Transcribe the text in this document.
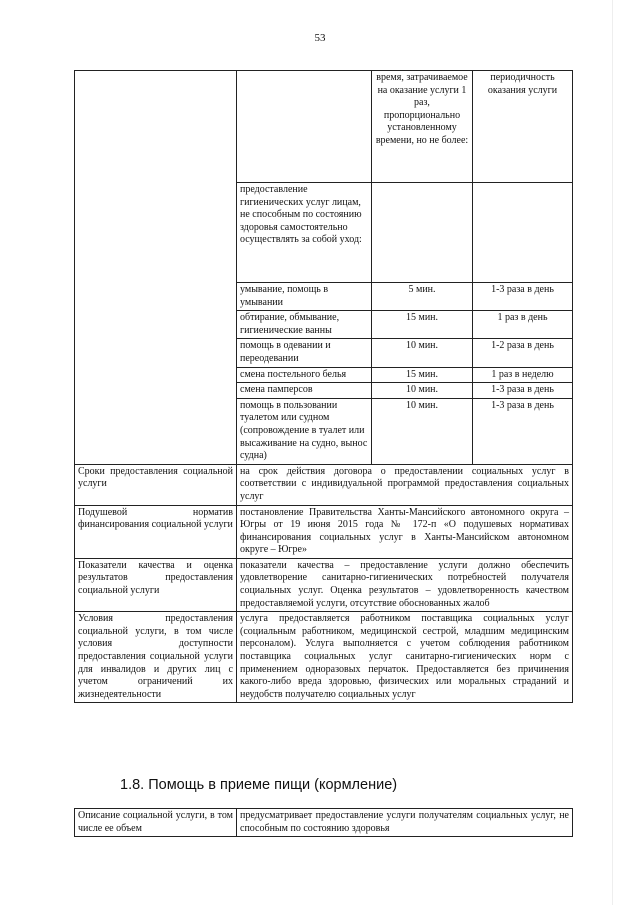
53
		время, затрачиваемое на оказание услуги 1 раз, пропорционально установленному времени, но не более:	периодичность оказания услуги
	предоставление гигиенических услуг лицам, не способным по состоянию здоровья самостоятельно осуществлять за собой уход:		
	умывание, помощь в умывании	5 мин.	1-3 раза в день
	обтирание, обмывание, гигиенические ванны	15 мин.	1 раз в день
	помощь в одевании и переодевании	10 мин.	1-2 раза в день
	смена постельного белья	15 мин.	1 раз в неделю
	смена памперсов	10 мин.	1-3 раза в день
	помощь в пользовании туалетом или судном (сопровождение в туалет или высаживание на судно, вынос судна)	10 мин.	1-3 раза в день
Сроки предоставления социальной услуги	на срок действия договора о предоставлении социальных услуг в соответствии с индивидуальной программой предоставления социальных услуг		
Подушевой норматив финансирования социальной услуги	постановление Правительства Ханты-Мансийского автономного округа – Югры от 19 июня 2015 года № 172-п «О подушевых нормативах финансирования социальных услуг в Ханты-Мансийском автономном округе – Югре»		
Показатели качества и оценка результатов предоставления социальной услуги	показатели качества – предоставление услуги должно обеспечить удовлетворение санитарно-гигиенических потребностей получателя социальных услуг. Оценка результатов – удовлетворенность качеством предоставляемой услуги, отсутствие обоснованных жалоб		
Условия предоставления социальной услуги, в том числе условия доступности предоставления социальной услуги для инвалидов и других лиц с учетом ограничений их жизнедеятельности	услуга предоставляется работником поставщика социальных услуг (социальным работником, медицинской сестрой, младшим медицинским персоналом). Услуга выполняется с учетом соблюдения работником поставщика социальных услуг санитарно-гигиенических норм с применением одноразовых перчаток. Предоставляется без причинения какого-либо вреда здоровью, физических или моральных страданий и неудобств получателю социальных услуг		
1.8. Помощь в приеме пищи (кормление)
Описание социальной услуги, в том числе ее объем	предусматривает предоставление услуги получателям социальных услуг, не способным по состоянию здоровья
